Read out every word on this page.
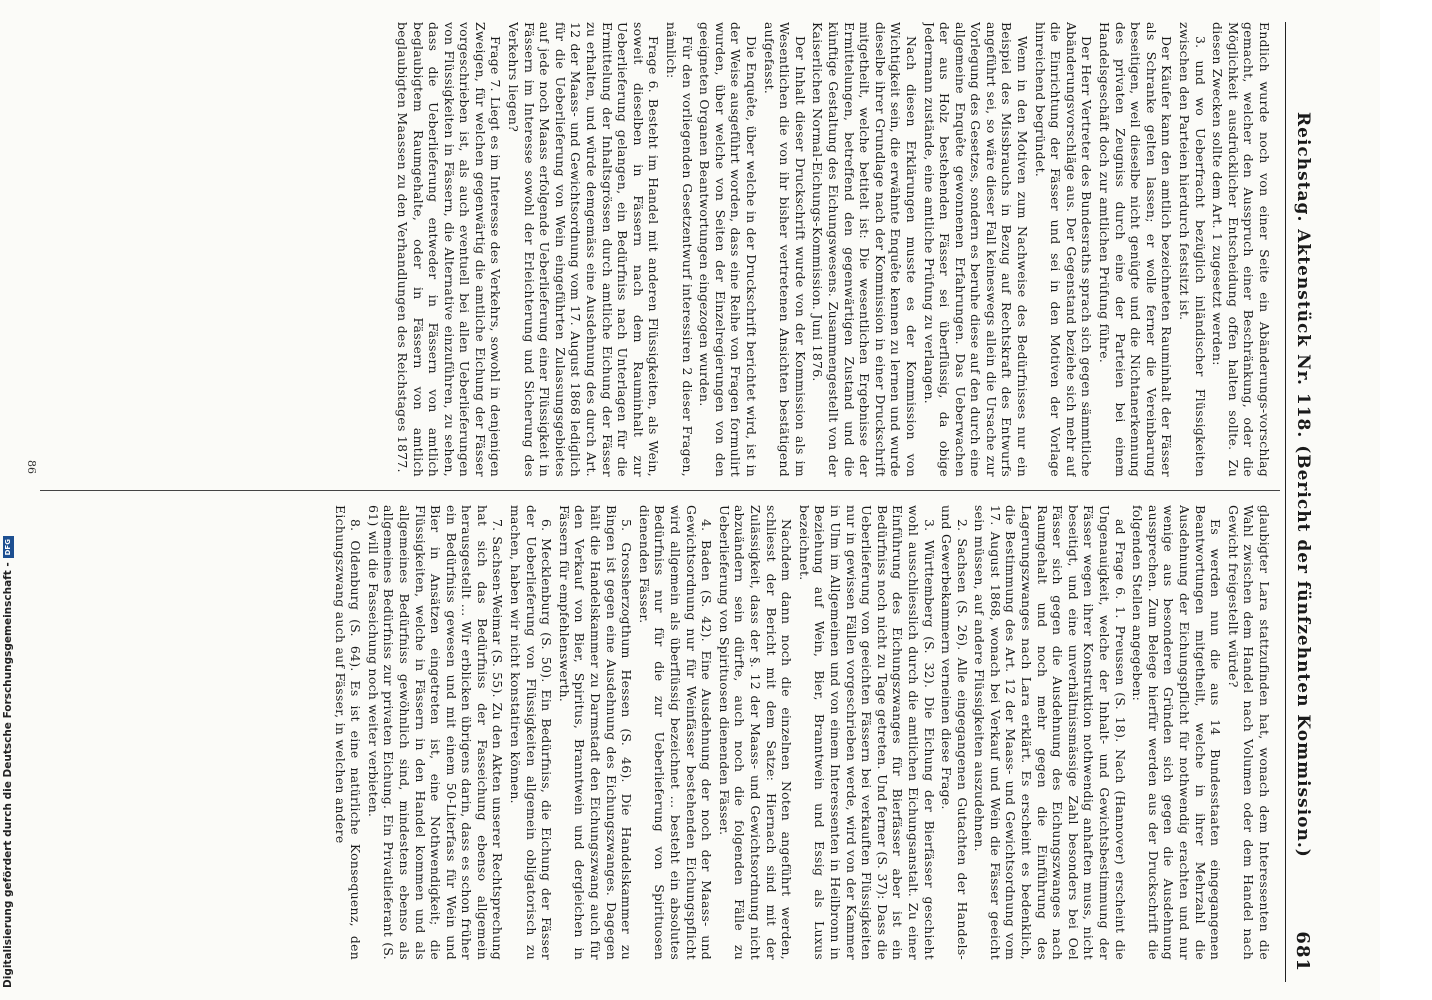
Reichstag. Aktenstück Nr. 118. (Bericht der fünfzehnten Kommission.)
681

Endlich wurde noch von einer Seite ein Abänderungs-vorschlag gemacht, welcher den Ausspruch einer Beschränkung, oder die Möglichkeit ausdrücklicher Entscheidung offen halten sollte. Zu diesen Zwecken sollte dem Art. 1 zugesetzt werden:

3. und wo Ueberfracht bezüglich inländischer Flüssigkeiten zwischen den Parteien hierdurch festsitzt ist.

Der Käufer kann den amtlich bezeichneten Rauminhalt der Fässer als Schranke gelten lassen; er wolle ferner die Vereinbarung beseitigen, weil dieselbe nicht genügte und die Nichtanerkennung des privaten Zeugniss durch eine der Parteien bei einem Handelsgeschäft doch zur amtlichen Prüfung führe.

Der Herr Vertreter des Bundesraths sprach sich gegen sämmtliche Abänderungsvorschläge aus. Der Gegenstand beziehe sich mehr auf die Einrichtung der Fässer und sei in den Motiven der Vorlage hinreichend begründet.

Wenn in den Motiven zum Nachweise des Bedürfnisses nur ein Beispiel des Missbrauchs in Bezug auf Rechtskraft des Entwurfs angeführt sei, so wäre dieser Fall keineswegs allein die Ursache zur Vorlegung des Gesetzes, sondern es beruhe diese auf den durch eine allgemeine Enquête gewonnenen Erfahrungen. Das Ueberwachen der aus Holz bestehenden Fässer sei überflüssig, da obige Jedermann zustände, eine amtliche Prüfung zu verlangen.

Nach diesen Erklärungen musste es der Kommission von Wichtigkeit sein, die erwähnte Enquête kennen zu lernen und wurde dieselbe ihrer Grundlage nach der Kommission in einer Druckschrift mitgetheilt, welche betitelt ist: Die wesentlichen Ergebnisse der Ermittelungen, betreffend den gegenwärtigen Zustand und die künftige Gestaltung des Eichungswesens. Zusammengestellt von der Kaiserlichen Normal-Eichungs-Kommission. Juni 1876.

Der Inhalt dieser Druckschrift wurde von der Kommission als im Wesentlichen die von ihr bisher vertretenen Ansichten bestätigend aufgefasst.

Die Enquête, über welche in der Druckschrift berichtet wird, ist in der Weise ausgeführt worden, dass eine Reihe von Fragen formulirt wurden, über welche von Seiten der Einzelregierungen von den geeigneten Organen Beantwortungen eingezogen wurden.

Für den vorliegenden Gesetzentwurf interessiren 2 dieser Fragen, nämlich:

Frage 6. Besteht im Handel mit anderen Flüssigkeiten, als Wein, soweit dieselben in Fässern nach dem Rauminhalt zur Ueberlieferung gelangen, ein Bedürfniss nach Unterlagen für die Ermittelung der Inhaltsgrössen durch amtliche Eichung der Fässer zu erhalten, und würde demgemäss eine Ausdehnung des durch Art. 12 der Maass- und Gewichtsordnung vom 17. August 1868 lediglich für die Ueberlieferung von Wein eingeführten Zulassungsgebietes auf jede noch Maass erfolgende Ueberlieferung einer Flüssigkeit in Fässern im Interesse sowohl der Erleichterung und Sicherung des Verkehrs liegen?

Frage 7. Liegt es im Interesse des Verkehrs, sowohl in denjenigen Zweigen, für welchen gegenwärtig die amtliche Eichung der Fässer vorgeschrieben ist, als auch eventuell bei allen Ueberlieferungen von Flüssigkeiten in Fässern, die Alternative einzuführen, zu sehen, dass die Ueberlieferung entweder in Fässern von amtlich beglaubigtem Raumgehalte, oder in Fässern von amtlich beglaubigten Maassen zu den Verhandlungen des Reichstages 1877.

glaubigter Lara stattzufinden hat, wonach dem Interessenten die Wahl zwischen dem Handel nach Volumen oder dem Handel nach Gewicht freigestellt würde?

Es werden nun die aus 14 Bundesstaaten eingegangenen Beantwortungen mitgetheilt, welche in ihrer Mehrzahl die Ausdehnung der Eichungspflicht für nothwendig erachten und nur wenige aus besonderen Gründen sich gegen die Ausdehnung aussprechen. Zum Belege hierfür werden aus der Druckschrift die folgenden Stellen angegeben:

ad Frage 6. 1. Preussen (S. 18). Nach (Hannover) erscheint die Ungenauigkeit, welche der Inhalt- und Gewichtsbestimmung der Fässer wegen ihrer Konstruktion nothwendig anhaften muss, nicht beseitigt, und eine unverhältnissmässige Zahl besonders bei Oel Fässer sich gegen die Ausdehnung des Eichungszwanges nach Raumgehalt und noch mehr gegen die Einführung des Lagerungszwanges nach Lara erklärt. Es erscheint es bedenklich, die Bestimmung des Art. 12 der Maass- und Gewichtsordnung vom 17. August 1868, wonach bei Verkauf und Wein die Fässer geeicht sein müssen, auf andere Flüssigkeiten auszudehnen.

2. Sachsen (S. 26). Alle eingegangenen Gutachten der Handels- und Gewerbekammern verneinen diese Frage.

3. Württemberg (S. 32). Die Eichung der Bierfässer geschieht wohl ausschliesslich durch die amtlichen Eichungsanstalt. Zu einer Einführung des Eichungszwanges für Bierfässer aber ist ein Bedürfniss noch nicht zu Tage getreten. Und ferner (S. 37): Dass die Ueberlieferung von geeichten Fässern bei verkauften Flüssigkeiten nur in gewissen Fällen vorgeschrieben werde, wird von der Kammer in Ulm im Allgemeinen und von einem Interessenten in Heilbronn in Beziehung auf Wein, Bier, Branntwein und Essig als Luxus bezeichnet.

Nachdem dann noch die einzelnen Noten angeführt werden, schliesst der Bericht mit dem Satze: Hiernach sind mit der Zulässigkeit, dass der §. 12 der Maass- und Gewichtsordnung nicht abzuändern sein dürfte, auch noch die folgenden Fälle zu Ueberlieferung von Spirituosen dienenden Fässer.

4. Baden (S. 42). Eine Ausdehnung der noch der Maass- und Gewichtsordnung nur für Weinfässer bestehenden Eichungspflicht wird allgemein als überflüssig bezeichnet ... besteht ein absolutes Bedürfniss nur für die zur Ueberlieferung von Spirituosen dienenden Fässer.

5. Grossherzogthum Hessen (S. 46). Die Handelskammer zu Bingen ist gegen eine Ausdehnung des Eichungszwanges. Dagegen hält die Handelskammer zu Darmstadt den Eichungszwang auch für den Verkauf von Bier, Spiritus, Branntwein und dergleichen in Fässern für empfehlenswerth.

6. Mecklenburg (S. 50). Ein Bedürfniss, die Eichung der Fässer der Ueberlieferung von Flüssigkeiten allgemein obligatorisch zu machen, haben wir nicht konstatiren können.

7. Sachsen-Weimar (S. 55). Zu den Akten unserer Rechtsprechung hat sich das Bedürfniss der Fasseichung ebenso allgemein herausgestellt ... Wir erblicken übrigens darin, dass es schon früher ein Bedürfniss gewesen und mit einem 50-Literfass für Wein und Bier in Ansätzen eingetreten ist, eine Nothwendigkeit; die Flüssigkeiten, welche in Fässern in den Handel kommen und als allgemeines Bedürfniss gewöhnlich sind, mindestens ebenso als allgemeines Bedürfniss zur privaten Eichung. Ein Privatlieferant (S. 61) will die Fasseichung noch weiter verbieten.

8. Oldenburg (S. 64). Es ist eine natürliche Konsequenz, den Eichungszwang auch auf Fässer, in welchen andere

86
Digitalisierung gefördert durch die Deutsche Forschungsgemeinschaft -
DFG
